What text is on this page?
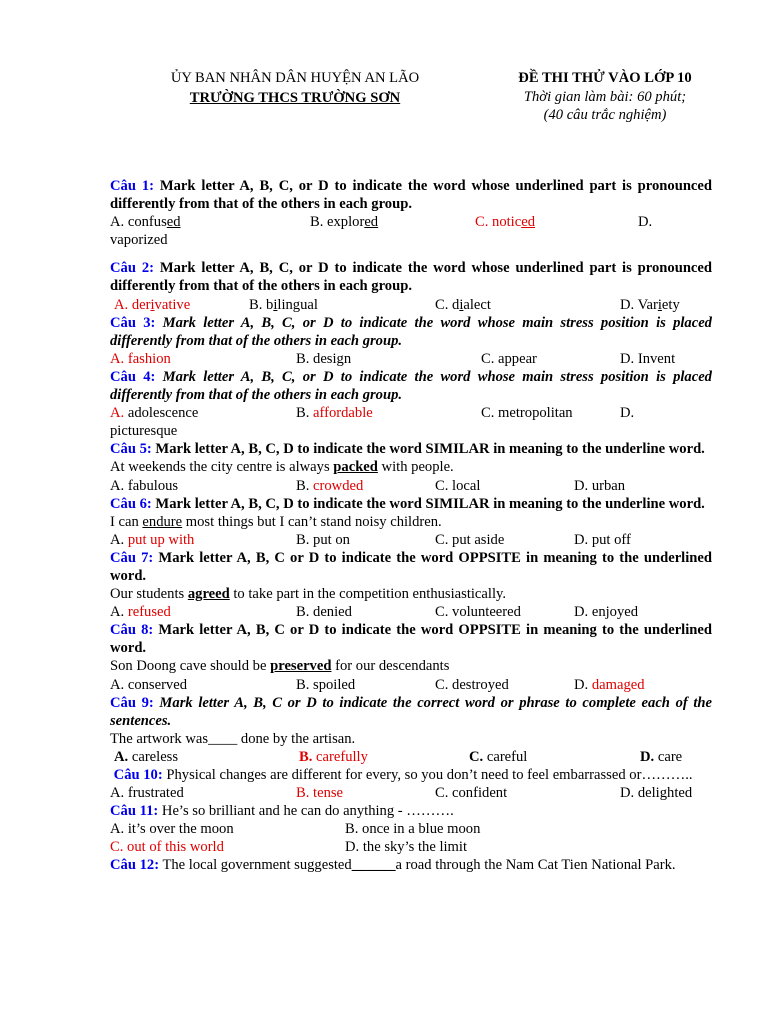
ỦY BAN NHÂN DÂN HUYỆN AN LÃO
TRƯỜNG THCS TRƯỜNG SƠN
ĐỀ THI THỬ VÀO LỚP 10
Thời gian làm bài: 60 phút;
(40 câu trắc nghiệm)

Câu 1: Mark letter A, B, C, or D to indicate the word whose underlined part is pronounced differently from that of the others in each group.

A. confused	B. explored	C. noticed	D.
vaporized

Câu 2: Mark letter A, B, C, or D to indicate the word whose underlined part is pronounced differently from that of the others in each group.

A. derivative	B. bilingual	C. dialect	D. Variety

Câu 3: Mark letter A, B, C, or D to indicate the word whose main stress position is placed differently from that of the others in each group.

A. fashion	B. design	C. appear	D. Invent

Câu 4: Mark letter A, B, C, or D to indicate the word whose main stress position is placed differently from that of the others in each group.

A. adolescence	B. affordable	C. metropolitan	D.
picturesque

Câu 5: Mark letter A, B, C, D to indicate the word SIMILAR in meaning to the underline word.

At weekends the city centre is always packed with people.
A. fabulous	B. crowded	C. local	D. urban

Câu 6: Mark letter A, B, C, D to indicate the word SIMILAR in meaning to the underline word.

I can endure most things but I can’t stand noisy children.
A. put up with	B. put on	C. put aside	D. put off

Câu 7: Mark letter A, B, C or D to indicate the word OPPSITE in meaning to the underlined word.

Our students agreed to take part in the competition enthusiastically.
A. refused	B. denied	C. volunteered	D. enjoyed

Câu 8: Mark letter A, B, C or D to indicate the word OPPSITE in meaning to the underlined word.

Son Doong cave should be preserved for our descendants
A. conserved	B. spoiled	C. destroyed	D. damaged

Câu 9: Mark letter A, B, C or D to indicate the correct word or phrase to complete each of the sentences.

The artwork was____ done by the artisan.
A. careless	B. carefully	C. careful	D. care

Câu 10: Physical changes are different for every, so you don’t need to feel embarrassed or………..

A. frustrated	B. tense	C. confident	D. delighted

Câu 11: He’s so brilliant and he can do anything - ……….

A. it’s over the moon	B. once in a blue moon
C. out of this world	D. the sky’s the limit

Câu 12: The local government suggested______a road through the Nam Cat Tien National Park.
